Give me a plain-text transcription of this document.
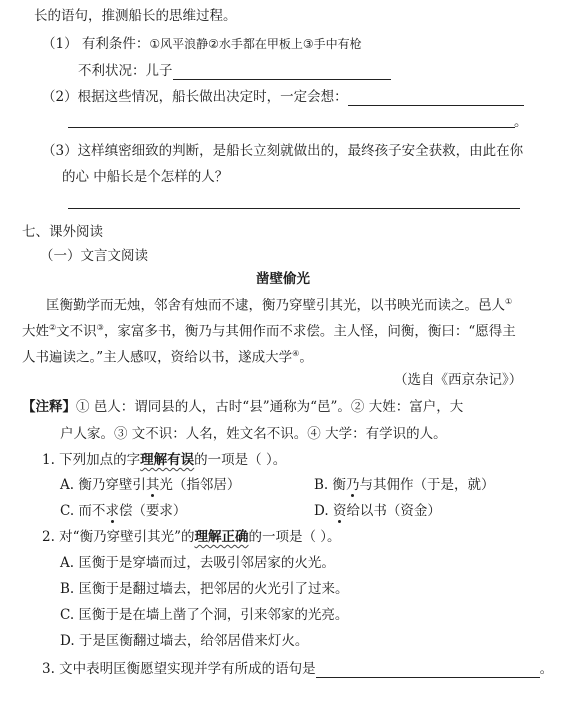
长的语句，推测船长的思维过程。
（1） 有利条件：①风平浪静②水手都在甲板上③手中有枪
不利状况：儿子
（2）根据这些情况，船长做出决定时，一定会想：
。
（3）这样缜密细致的判断，是船长立刻就做出的，最终孩子安全获救，由此在你
的心 中船长是个怎样的人？
七、课外阅读
（一）文言文阅读
凿壁偷光
匡衡勤学而无烛，邻舍有烛而不逮，衡乃穿壁引其光，以书映光而读之。邑人①
大姓②文不识③，家富多书，衡乃与其佣作而不求偿。主人怪，问衡，衡曰：“愿得主
人书遍读之。”主人感叹，资给以书，遂成大学④。
（选自《西京杂记》）
【注释】① 邑人：谓同县的人，古时“县”通称为“邑”。② 大姓：富户，大
户人家。③ 文不识：人名，姓文名不识。④ 大学：有学识的人。
1. 下列加点的字理解有误的一项是（ ）。
A. 衡乃穿壁引其光（指邻居）	B. 衡乃与其佣作（于是，就）
C. 而不求偿（要求）	D. 资给以书（资金）
2. 对“衡乃穿壁引其光”的理解正确的一项是（ ）。
A. 匡衡于是穿墙而过，去吸引邻居家的火光。
B. 匡衡于是翻过墙去，把邻居的火光引了过来。
C. 匡衡于是在墙上凿了个洞，引来邻家的光亮。
D. 于是匡衡翻过墙去，给邻居借来灯火。
3. 文中表明匡衡愿望实现并学有所成的语句是	。
